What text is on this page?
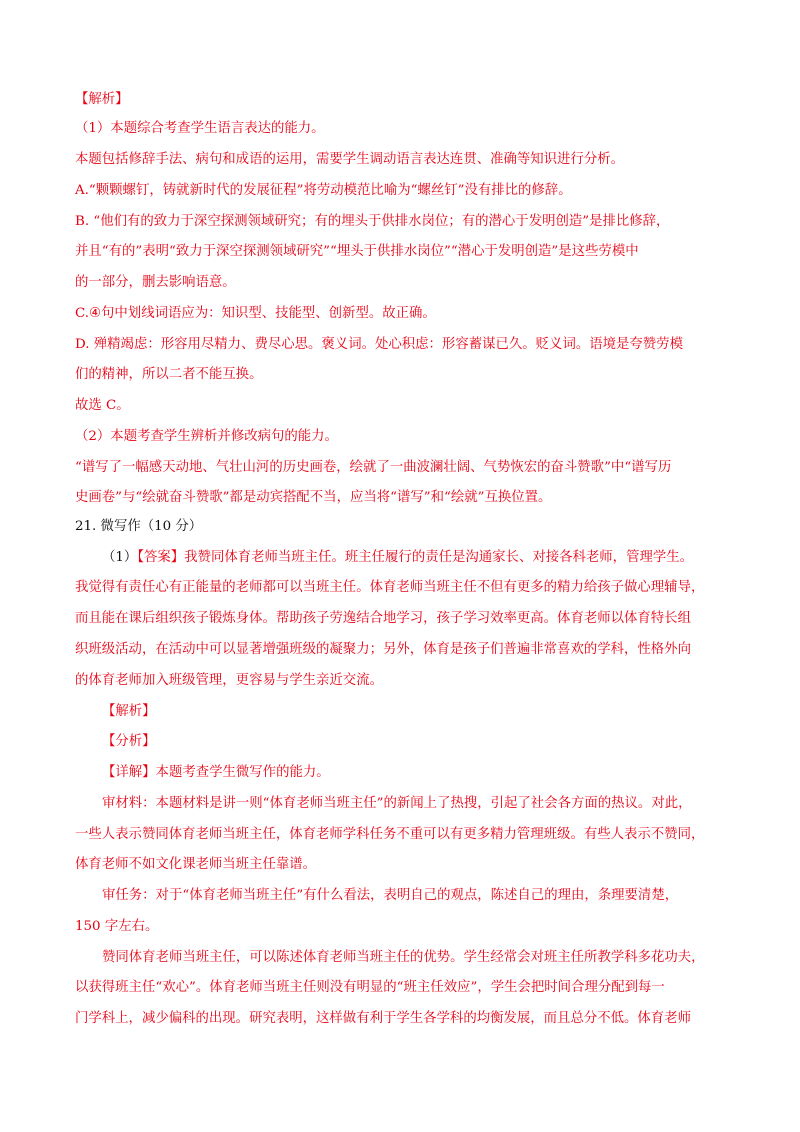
【解析】
（1）本题综合考查学生语言表达的能力。
本题包括修辞手法、病句和成语的运用，需要学生调动语言表达连贯、准确等知识进行分析。
A.“颗颗螺钉，铸就新时代的发展征程”将劳动模范比喻为“螺丝钉”没有排比的修辞。
B. “他们有的致力于深空探测领域研究；有的埋头于供排水岗位；有的潜心于发明创造”是排比修辞，
并且“有的”表明“致力于深空探测领域研究”“埋头于供排水岗位”“潜心于发明创造”是这些劳模中
的一部分，删去影响语意。
C.④句中划线词语应为：知识型、技能型、创新型。故正确。
D. 殚精竭虑：形容用尽精力、费尽心思。褒义词。处心积虑：形容蓄谋已久。贬义词。语境是夸赞劳模
们的精神，所以二者不能互换。
故选 C。
（2）本题考查学生辨析并修改病句的能力。
“谱写了一幅感天动地、气壮山河的历史画卷，绘就了一曲波澜壮阔、气势恢宏的奋斗赞歌”中“谱写历
史画卷”与“绘就奋斗赞歌”都是动宾搭配不当，应当将“谱写”和“绘就”互换位置。
21. 微写作（10 分）
（1）【答案】我赞同体育老师当班主任。班主任履行的责任是沟通家长、对接各科老师，管理学生。
我觉得有责任心有正能量的老师都可以当班主任。体育老师当班主任不但有更多的精力给孩子做心理辅导，
而且能在课后组织孩子锻炼身体。帮助孩子劳逸结合地学习，孩子学习效率更高。体育老师以体育特长组
织班级活动，在活动中可以显著增强班级的凝聚力；另外，体育是孩子们普遍非常喜欢的学科，性格外向
的体育老师加入班级管理，更容易与学生亲近交流。
【解析】
【分析】
【详解】本题考查学生微写作的能力。
审材料：本题材料是讲一则“体育老师当班主任”的新闻上了热搜，引起了社会各方面的热议。对此，
一些人表示赞同体育老师当班主任，体育老师学科任务不重可以有更多精力管理班级。有些人表示不赞同，
体育老师不如文化课老师当班主任靠谱。
审任务：对于“体育老师当班主任”有什么看法，表明自己的观点，陈述自己的理由，条理要清楚，
150 字左右。
赞同体育老师当班主任，可以陈述体育老师当班主任的优势。学生经常会对班主任所教学科多花功夫，
以获得班主任“欢心”。体育老师当班主任则没有明显的“班主任效应”，学生会把时间合理分配到每一
门学科上，减少偏科的出现。研究表明，这样做有利于学生各学科的均衡发展，而且总分不低。体育老师
